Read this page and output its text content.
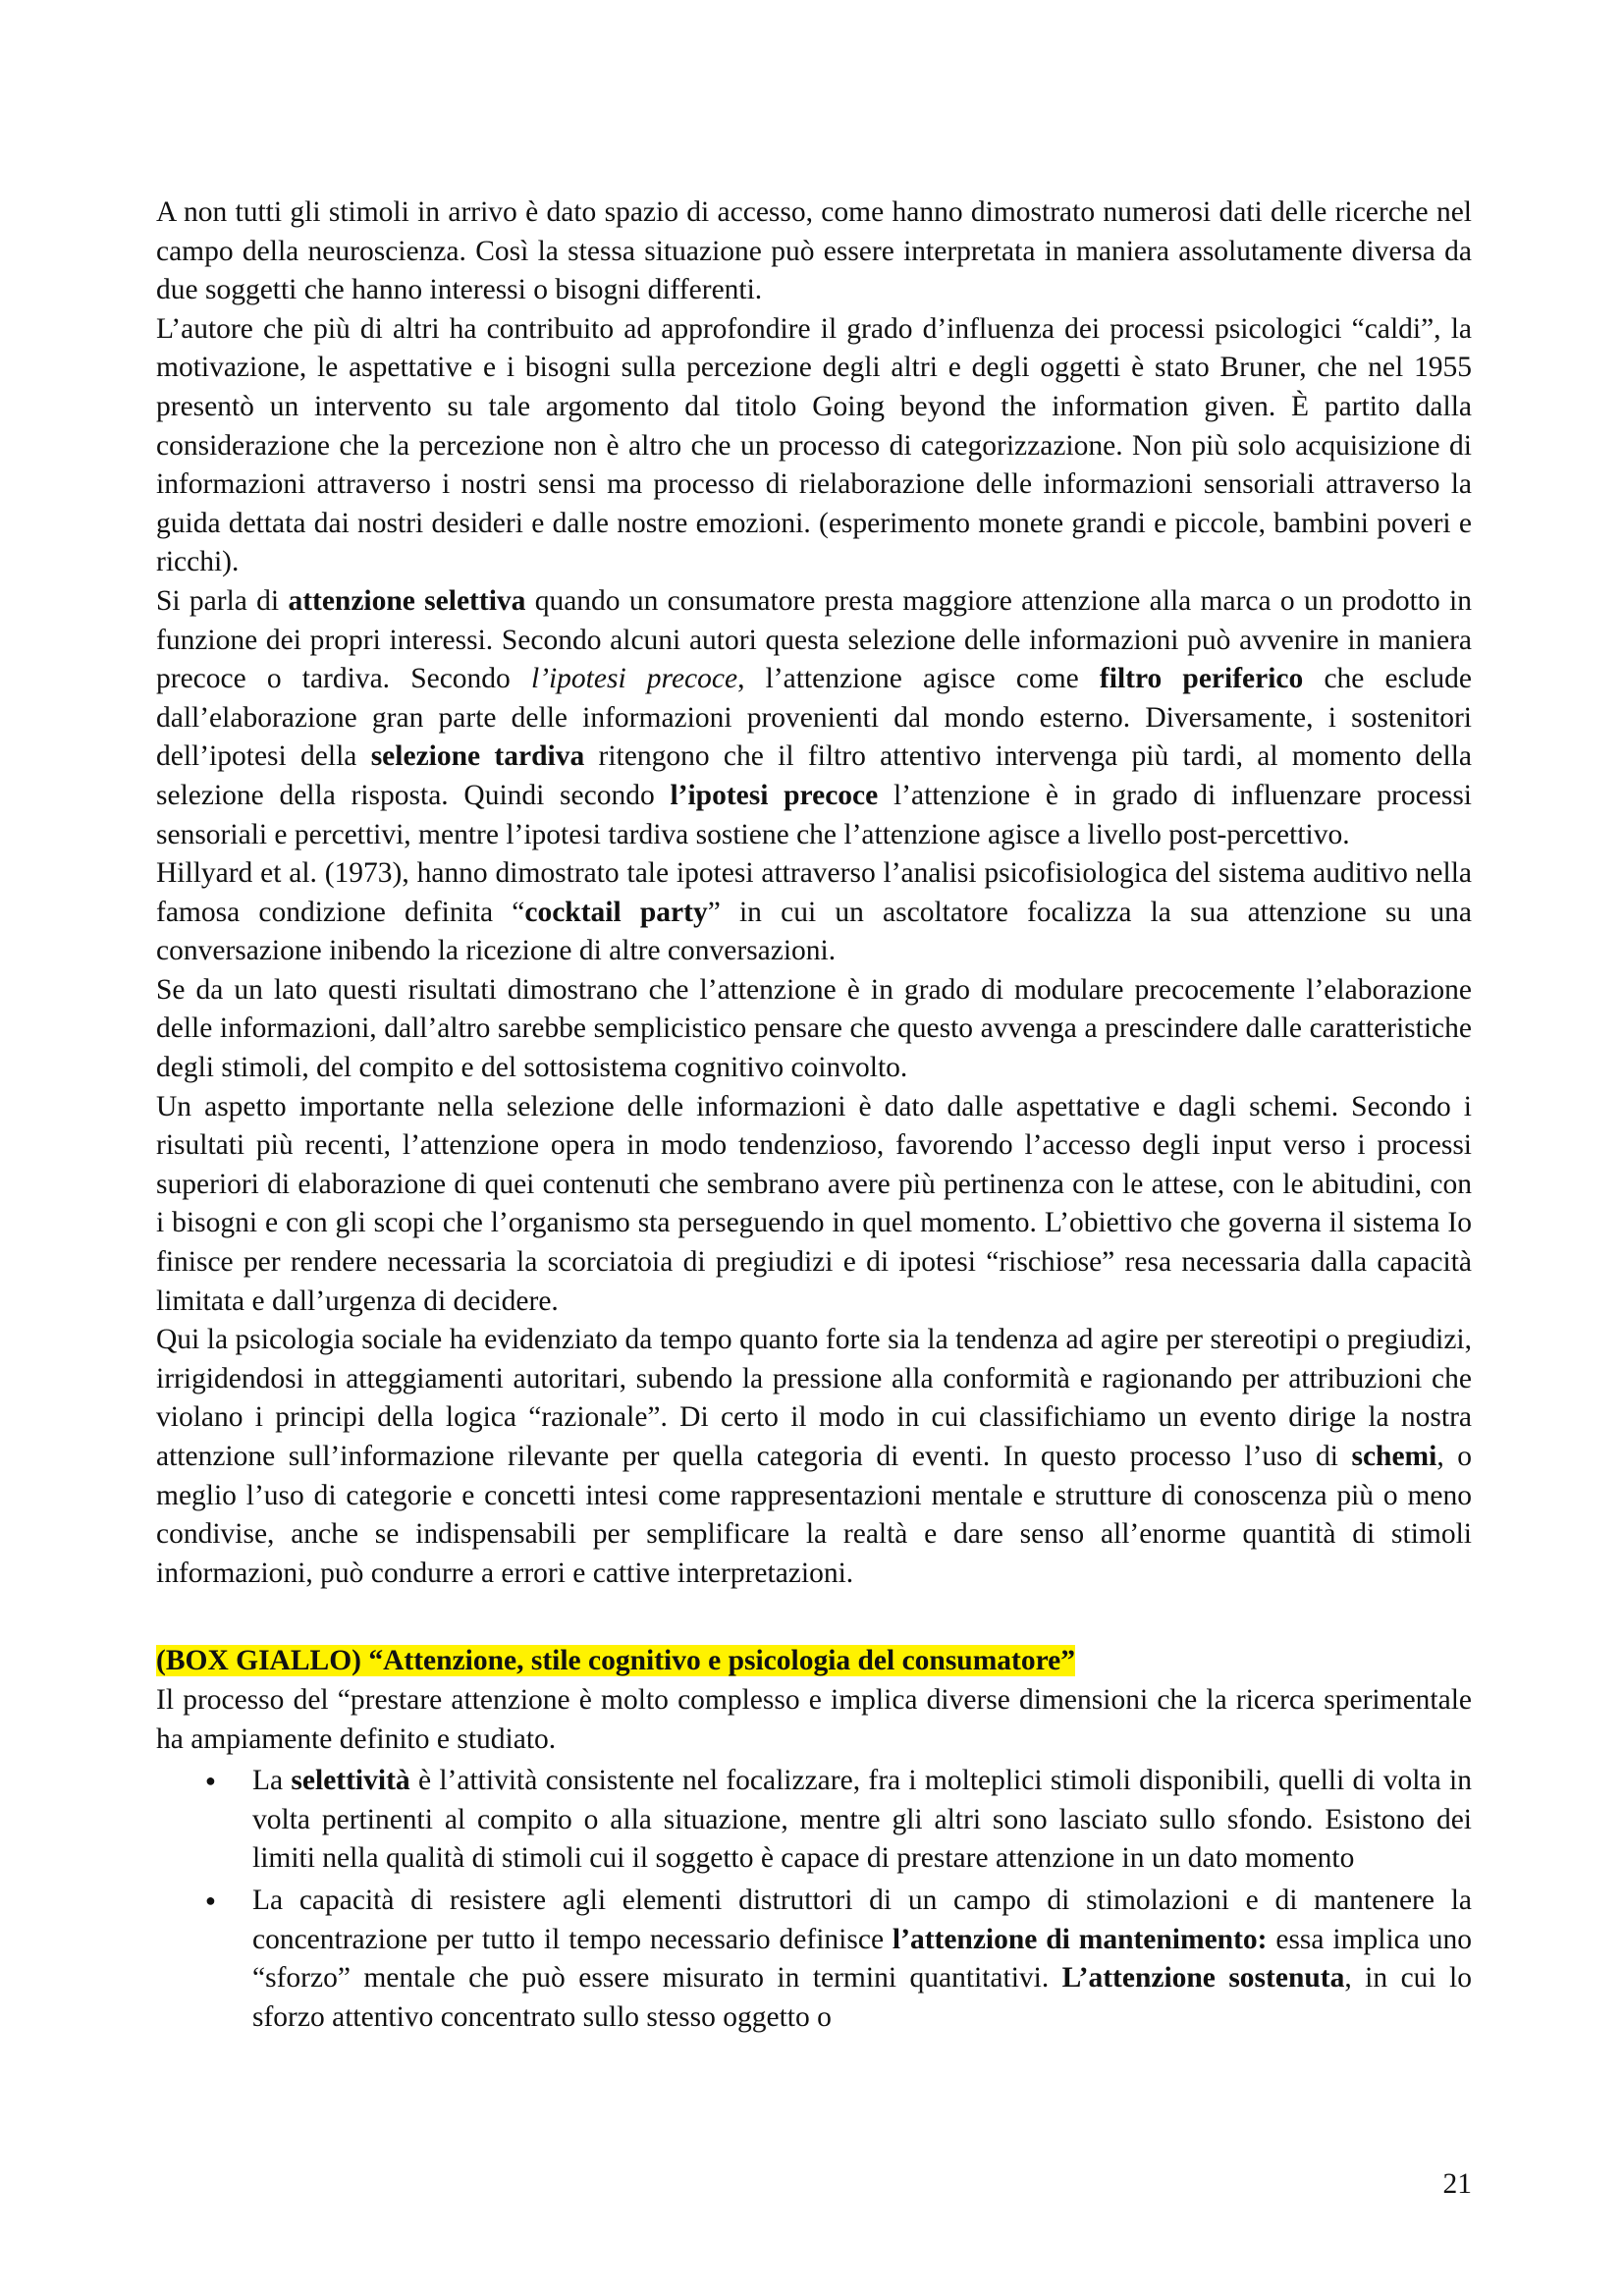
A non tutti gli stimoli in arrivo è dato spazio di accesso, come hanno dimostrato numerosi dati delle ricerche nel campo della neuroscienza. Così la stessa situazione può essere interpretata in maniera assolutamente diversa da due soggetti che hanno interessi o bisogni differenti.

L’autore che più di altri ha contribuito ad approfondire il grado d’influenza dei processi psicologici “caldi”, la motivazione, le aspettative e i bisogni sulla percezione degli altri e degli oggetti è stato Bruner, che nel 1955 presentò un intervento su tale argomento dal titolo Going beyond the information given. È partito dalla considerazione che la percezione non è altro che un processo di categorizzazione. Non più solo acquisizione di informazioni attraverso i nostri sensi ma processo di rielaborazione delle informazioni sensoriali attraverso la guida dettata dai nostri desideri e dalle nostre emozioni. (esperimento monete grandi e piccole, bambini poveri e ricchi).

Si parla di attenzione selettiva quando un consumatore presta maggiore attenzione alla marca o un prodotto in funzione dei propri interessi. Secondo alcuni autori questa selezione delle informazioni può avvenire in maniera precoce o tardiva. Secondo l’ipotesi precoce, l’attenzione agisce come filtro periferico che esclude dall’elaborazione gran parte delle informazioni provenienti dal mondo esterno. Diversamente, i sostenitori dell’ipotesi della selezione tardiva ritengono che il filtro attentivo intervenga più tardi, al momento della selezione della risposta. Quindi secondo l’ipotesi precoce l’attenzione è in grado di influenzare processi sensoriali e percettivi, mentre l’ipotesi tardiva sostiene che l’attenzione agisce a livello post-percettivo.

Hillyard et al. (1973), hanno dimostrato tale ipotesi attraverso l’analisi psicofisiologica del sistema auditivo nella famosa condizione definita “cocktail party” in cui un ascoltatore focalizza la sua attenzione su una conversazione inibendo la ricezione di altre conversazioni.

Se da un lato questi risultati dimostrano che l’attenzione è in grado di modulare precocemente l’elaborazione delle informazioni, dall’altro sarebbe semplicistico pensare che questo avvenga a prescindere dalle caratteristiche degli stimoli, del compito e del sottosistema cognitivo coinvolto.

Un aspetto importante nella selezione delle informazioni è dato dalle aspettative e dagli schemi. Secondo i risultati più recenti, l’attenzione opera in modo tendenzioso, favorendo l’accesso degli input verso i processi superiori di elaborazione di quei contenuti che sembrano avere più pertinenza con le attese, con le abitudini, con i bisogni e con gli scopi che l’organismo sta perseguendo in quel momento. L’obiettivo che governa il sistema Io finisce per rendere necessaria la scorciatoia di pregiudizi e di ipotesi “rischiose” resa necessaria dalla capacità limitata e dall’urgenza di decidere.

Qui la psicologia sociale ha evidenziato da tempo quanto forte sia la tendenza ad agire per stereotipi o pregiudizi, irrigidendosi in atteggiamenti autoritari, subendo la pressione alla conformità e ragionando per attribuzioni che violano i principi della logica “razionale”. Di certo il modo in cui classifichiamo un evento dirige la nostra attenzione sull’informazione rilevante per quella categoria di eventi. In questo processo l’uso di schemi, o meglio l’uso di categorie e concetti intesi come rappresentazioni mentale e strutture di conoscenza più o meno condivise, anche se indispensabili per semplificare la realtà e dare senso all’enorme quantità di stimoli informazioni, può condurre a errori e cattive interpretazioni.

(BOX GIALLO) “Attenzione, stile cognitivo e psicologia del consumatore”

Il processo del “prestare attenzione è molto complesso e implica diverse dimensioni che la ricerca sperimentale ha ampiamente definito e studiato.

● La selettività è l’attività consistente nel focalizzare, fra i molteplici stimoli disponibili, quelli di volta in volta pertinenti al compito o alla situazione, mentre gli altri sono lasciato sullo sfondo. Esistono dei limiti nella qualità di stimoli cui il soggetto è capace di prestare attenzione in un dato momento
● La capacità di resistere agli elementi distruttori di un campo di stimolazioni e di mantenere la concentrazione per tutto il tempo necessario definisce l’attenzione di mantenimento: essa implica uno “sforzo” mentale che può essere misurato in termini quantitativi. L’attenzione sostenuta, in cui lo sforzo attentivo concentrato sullo stesso oggetto o
21
